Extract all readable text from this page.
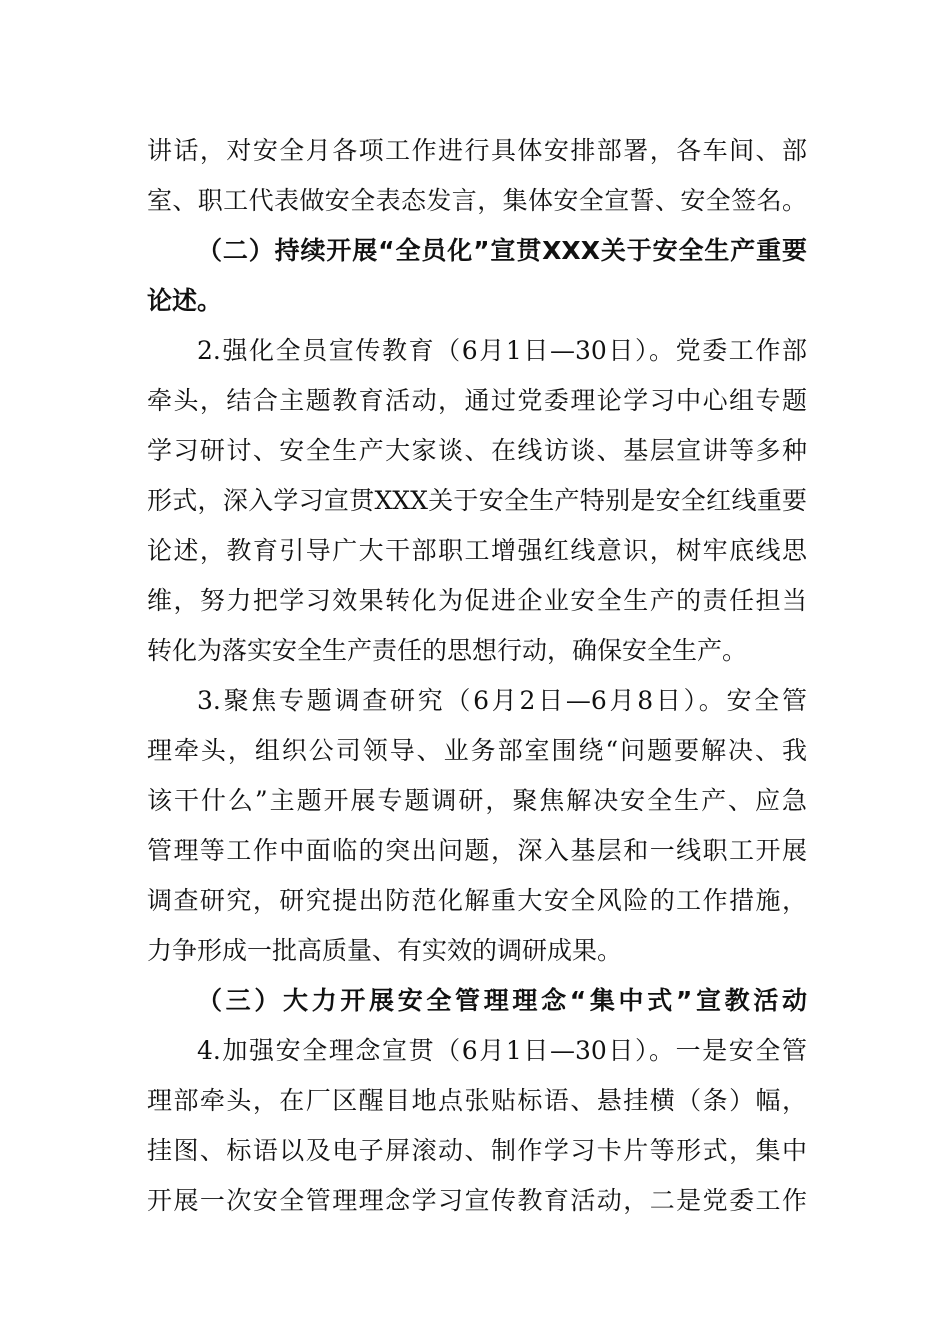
讲话，对安全月各项工作进行具体安排部署，各车间、部

室、职工代表做安全表态发言，集体安全宣誓、安全签名。

（二）持续开展“全员化”宣贯XXX关于安全生产重要

论述。

2.强化全员宣传教育（6月1日—30日）。党委工作部

牵头，结合主题教育活动，通过党委理论学习中心组专题

学习研讨、安全生产大家谈、在线访谈、基层宣讲等多种

形式，深入学习宣贯XXX关于安全生产特别是安全红线重要

论述，教育引导广大干部职工增强红线意识，树牢底线思

维，努力把学习效果转化为促进企业安全生产的责任担当

转化为落实安全生产责任的思想行动，确保安全生产。

3.聚焦专题调查研究（6月2日—6月8日）。安全管

理牵头，组织公司领导、业务部室围绕“问题要解决、我

该干什么”主题开展专题调研，聚焦解决安全生产、应急

管理等工作中面临的突出问题，深入基层和一线职工开展

调查研究，研究提出防范化解重大安全风险的工作措施，

力争形成一批高质量、有实效的调研成果。

（三）大力开展安全管理理念“集中式”宣教活动

4.加强安全理念宣贯（6月1日—30日）。一是安全管

理部牵头，在厂区醒目地点张贴标语、悬挂横（条）幅，

挂图、标语以及电子屏滚动、制作学习卡片等形式，集中

开展一次安全管理理念学习宣传教育活动，二是党委工作
